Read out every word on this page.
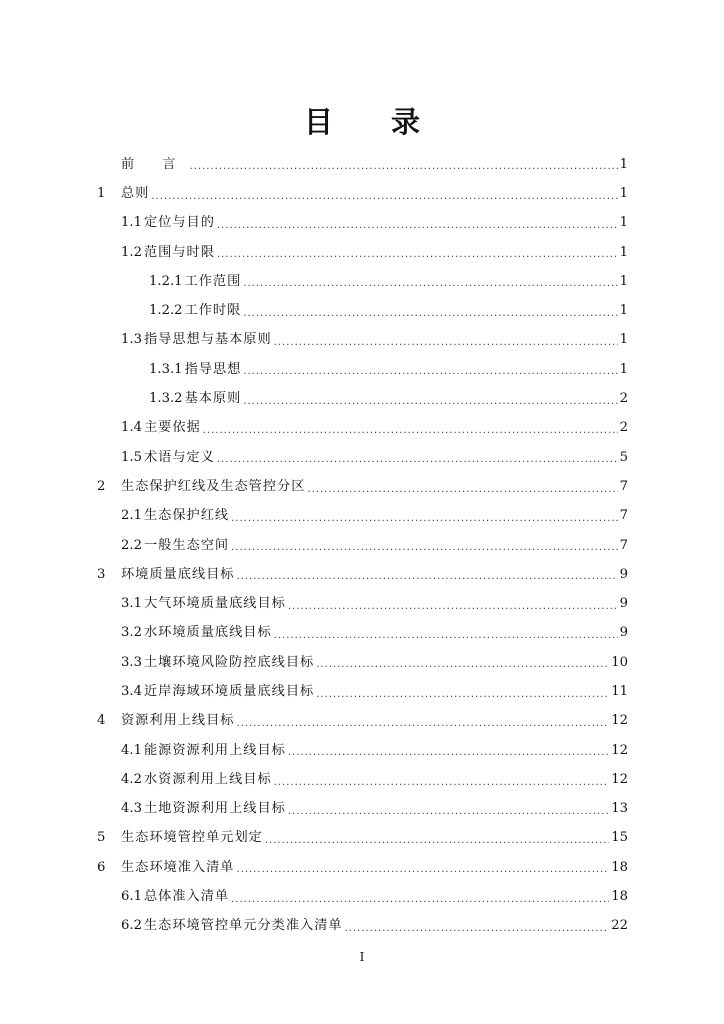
目 录
前 言 .....	1
1	总则 .....	1
1.1 定位与目的 .....	1
1.2 范围与时限 .....	1
1.2.1 工作范围 .....	1
1.2.2 工作时限 .....	1
1.3 指导思想与基本原则 .....	1
1.3.1 指导思想 .....	1
1.3.2 基本原则 .....	2
1.4 主要依据 .....	2
1.5 术语与定义 .....	5
2	生态保护红线及生态管控分区 .....	7
2.1 生态保护红线 .....	7
2.2 一般生态空间 .....	7
3	环境质量底线目标 .....	9
3.1 大气环境质量底线目标 .....	9
3.2 水环境质量底线目标 .....	9
3.3 土壤环境风险防控底线目标 .....	10
3.4 近岸海域环境质量底线目标 .....	11
4	资源利用上线目标 .....	12
4.1 能源资源利用上线目标 .....	12
4.2 水资源利用上线目标 .....	12
4.3 土地资源利用上线目标 .....	13
5	生态环境管控单元划定 .....	15
6	生态环境准入清单 .....	18
6.1 总体准入清单 .....	18
6.2 生态环境管控单元分类准入清单 .....	22
I
